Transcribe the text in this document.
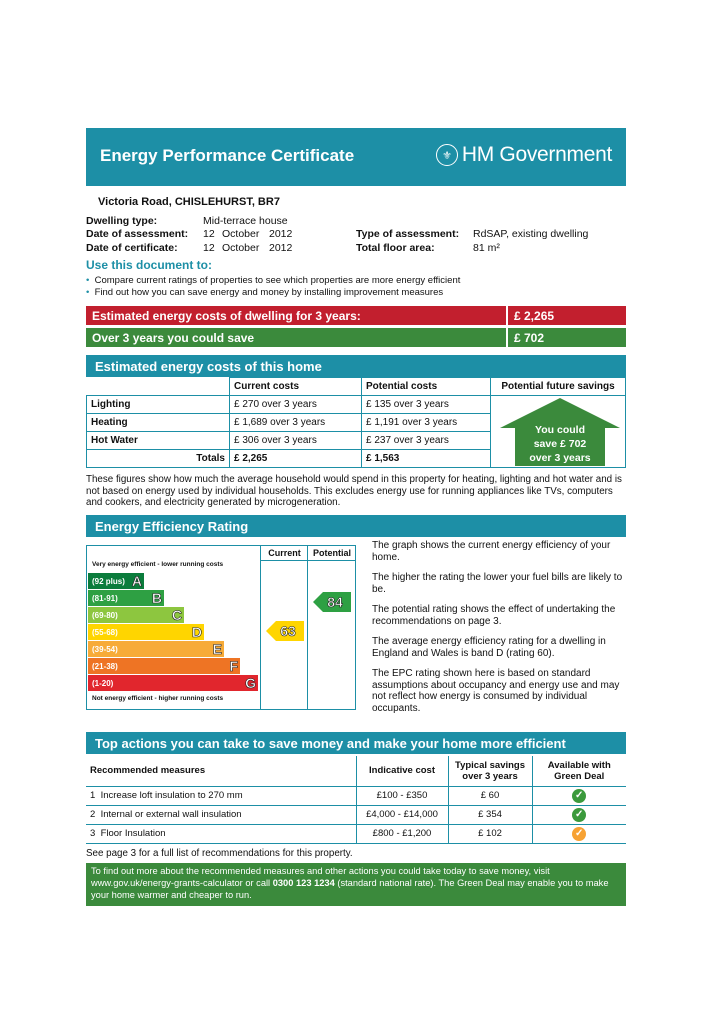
Energy Performance Certificate	⚜ HM Government
Victoria Road, CHISLEHURST, BR7
Dwelling type:	Mid-terrace house
Date of assessment: 12 October 2012
Date of certificate: 12 October 2012
Type of assessment: RdSAP, existing dwelling
Total floor area:	81 m²
Use this document to:
• Compare current ratings of properties to see which properties are more energy efficient
• Find out how you can save energy and money by installing improvement measures
Estimated energy costs of dwelling for 3 years:	£ 2,265
Over 3 years you could save	£ 702
Estimated energy costs of this home
	Current costs	Potential costs	Potential future savings
Lighting	£ 270 over 3 years	£ 135 over 3 years	
Heating	£ 1,689 over 3 years	£ 1,191 over 3 years	
Hot Water	£ 306 over 3 years	£ 237 over 3 years	
Totals	£ 2,265	£ 1,563	
You could
save £ 702
over 3 years
These figures show how much the average household would spend in this property for heating, lighting and hot water and is not based on energy used by individual households. This excludes energy use for running appliances like TVs, computers and cookers, and electricity generated by microgeneration.
Energy Efficiency Rating
Current	Potential
Very energy efficient - lower running costs
(92 plus) A
(81-91) B
(69-80)	C
(55-68)	D
(39-54)	E
(21-38)	F
(1-20)	G
Not energy efficient - higher running costs
63
84
The graph shows the current energy efficiency of your home.
The higher the rating the lower your fuel bills are likely to be.
The potential rating shows the effect of undertaking the recommendations on page 3.
The average energy efficiency rating for a dwelling in England and Wales is band D (rating 60).
The EPC rating shown here is based on standard assumptions about occupancy and energy use and may not reflect how energy is consumed by individual occupants.
Top actions you can take to save money and make your home more efficient
Recommended measures	Indicative cost	Typical savings over 3 years	Available with Green Deal
1 Increase loft insulation to 270 mm	£100 - £350	£ 60	✓
2 Internal or external wall insulation	£4,000 - £14,000	£ 354	✓
3 Floor Insulation	£800 - £1,200	£ 102	✓
See page 3 for a full list of recommendations for this property.
To find out more about the recommended measures and other actions you could take today to save money, visit www.gov.uk/energy-grants-calculator or call 0300 123 1234 (standard national rate). The Green Deal may enable you to make your home warmer and cheaper to run.
